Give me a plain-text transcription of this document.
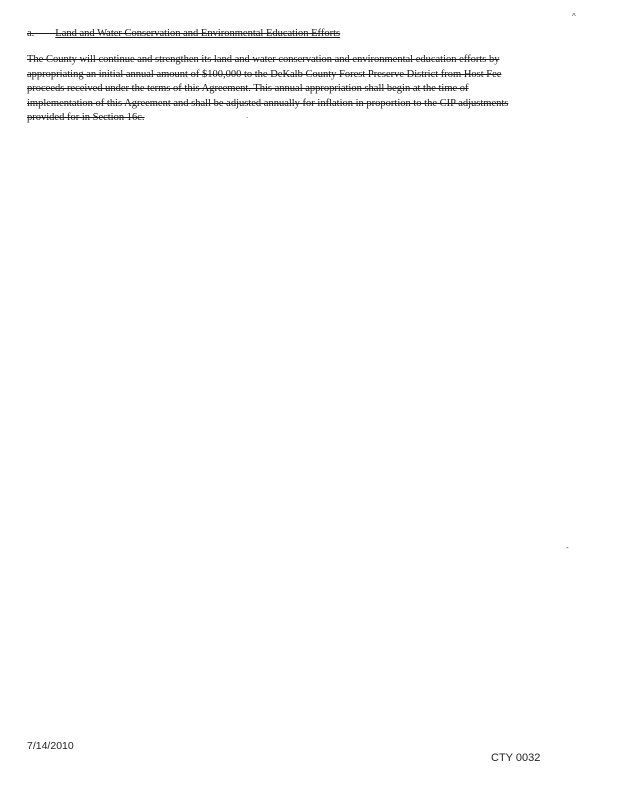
^
a.——Land and Water Conservation and Environmental Education Efforts
The County will continue and strengthen its land and water conservation and environmental education efforts by
appropriating an initial annual amount of $100,000 to the DeKalb County Forest Preserve District from Host Fee
proceeds received under the terms of this Agreement. This annual appropriation shall begin at the time of
implementation of this Agreement and shall be adjusted annually for inflation in proportion to the CIP adjustments
provided for in Section 16c.	.
-
7/14/2010
CTY 0032
